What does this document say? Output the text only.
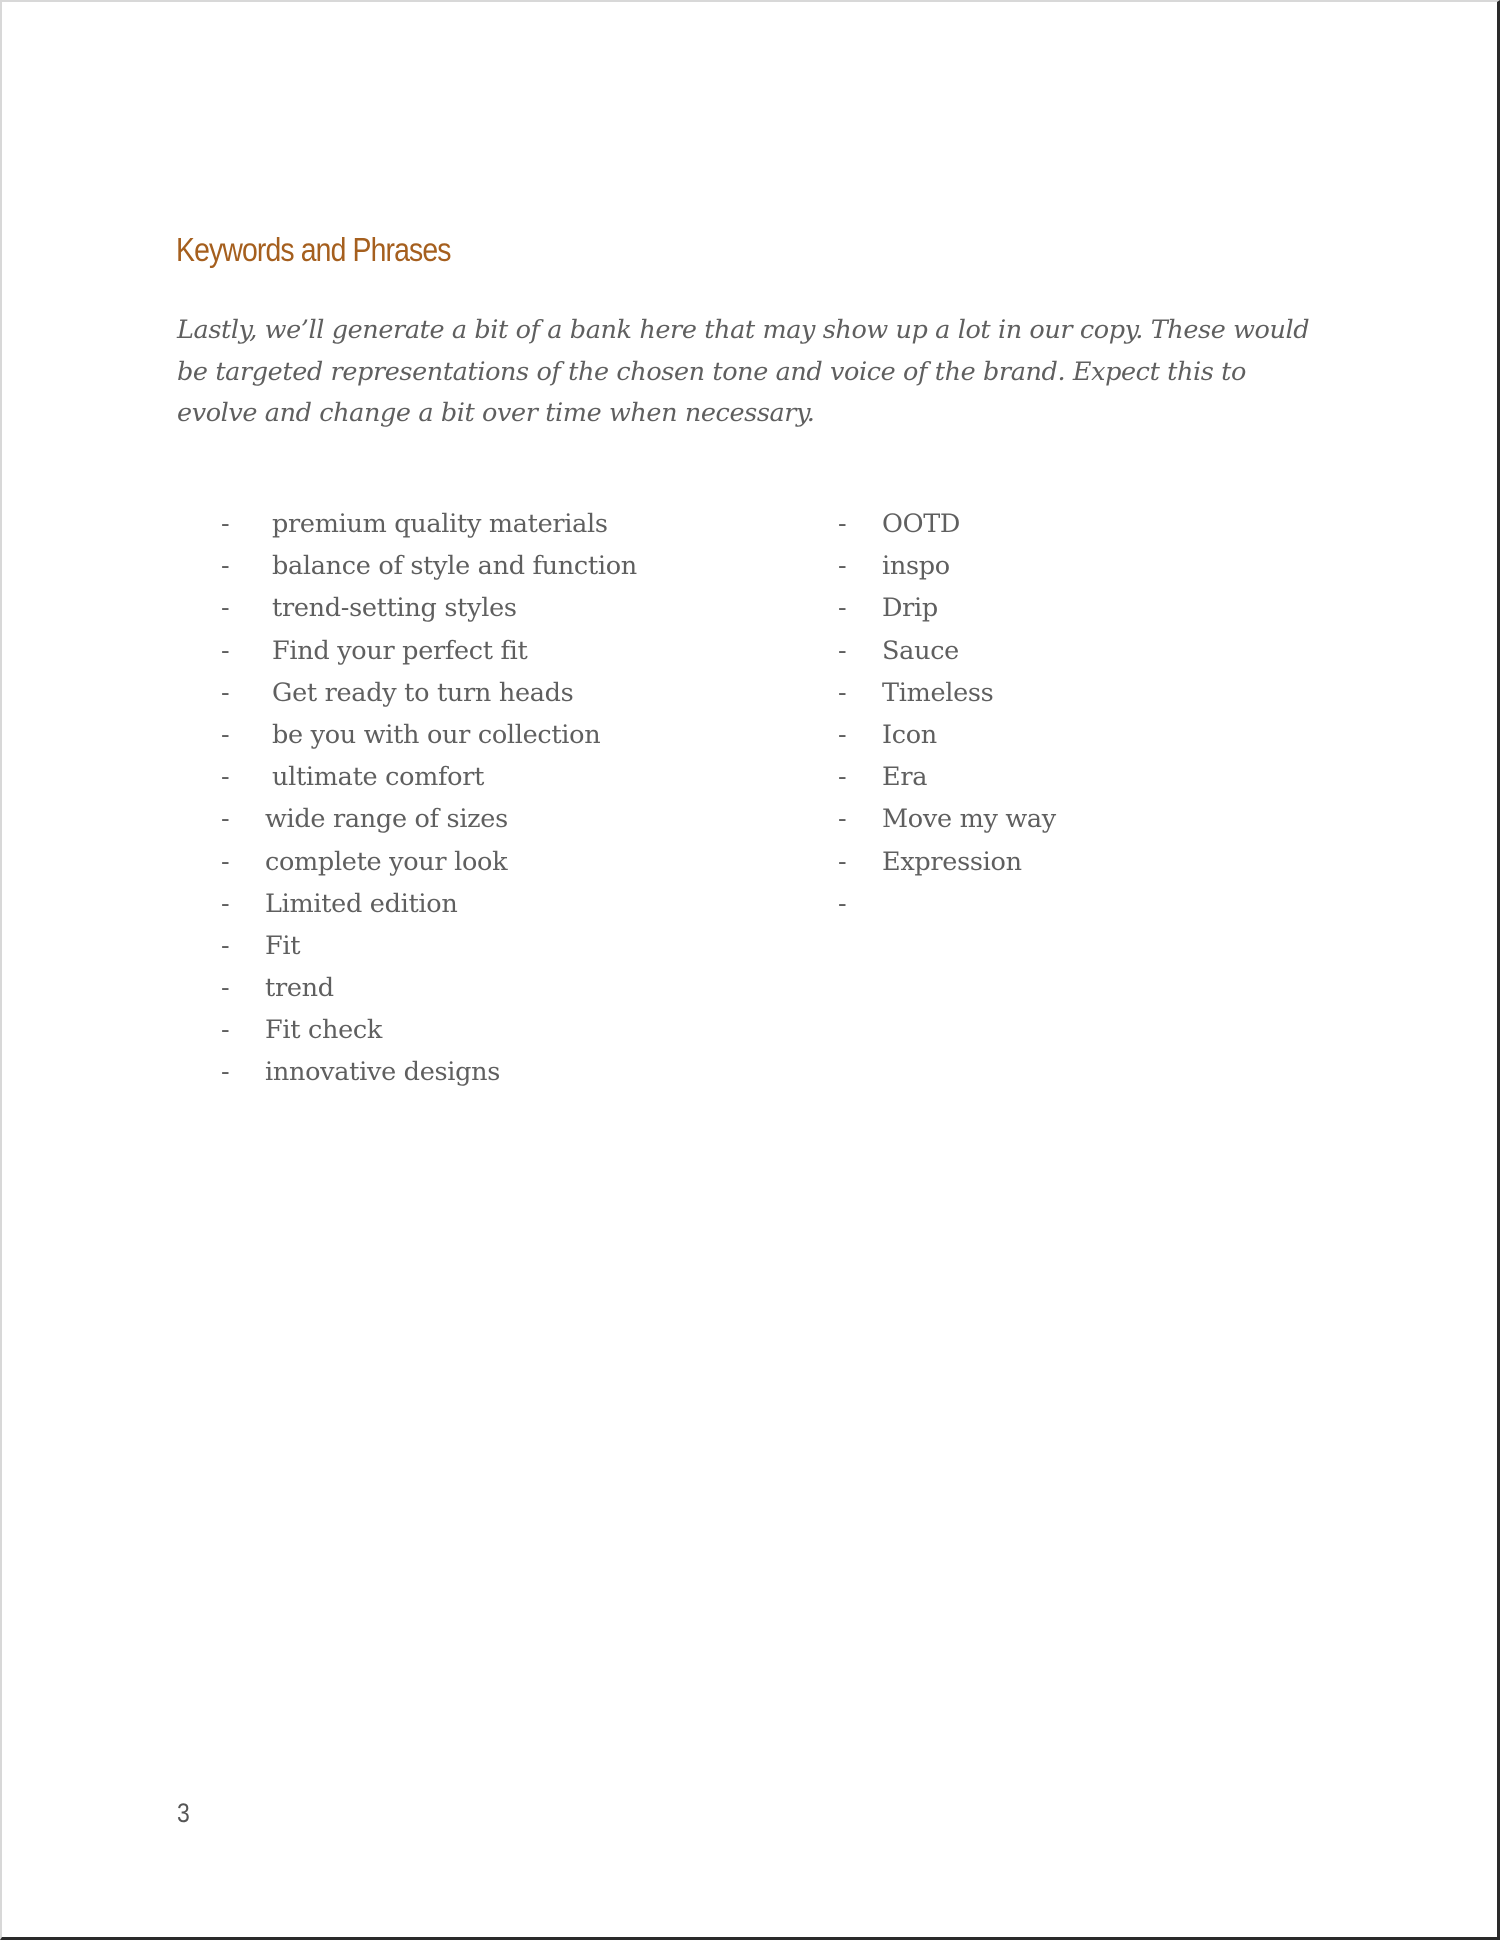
Keywords and Phrases

Lastly, we’ll generate a bit of a bank here that may show up a lot in our copy. These would be targeted representations of the chosen tone and voice of the brand. Expect this to evolve and change a bit over time when necessary.

- premium quality materials
- balance of style and function
- trend-setting styles
- Find your perfect fit
- Get ready to turn heads
- be you with our collection
- ultimate comfort
- wide range of sizes
- complete your look
- Limited edition
- Fit
- trend
- Fit check
- innovative designs
- OOTD
- inspo
- Drip
- Sauce
- Timeless
- Icon
- Era
- Move my way
- Expression
-

3
